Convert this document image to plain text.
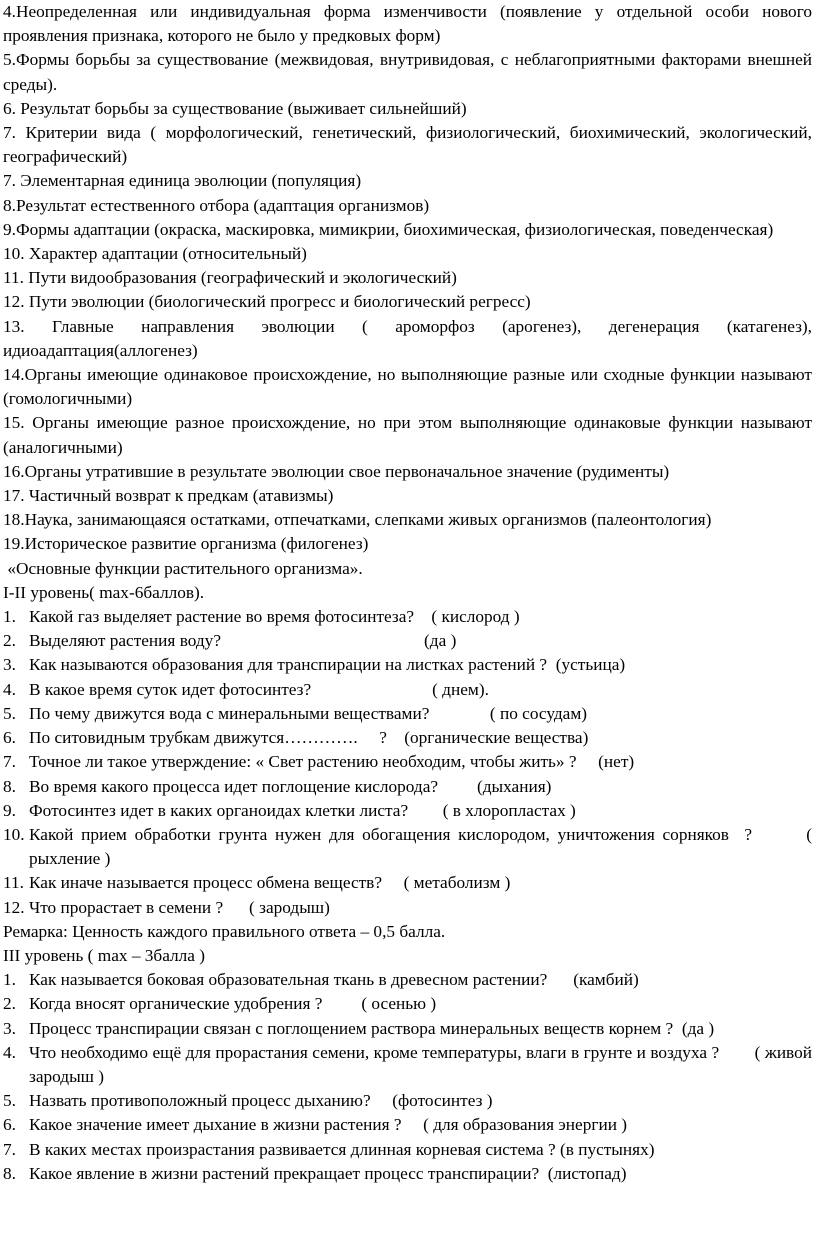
4.Неопределенная или индивидуальная форма изменчивости (появление у отдельной особи нового проявления признака, которого не было у предковых форм)

5.Формы борьбы за существование (межвидовая, внутривидовая, с неблагоприятными факторами внешней среды).

6. Результат борьбы за существование (выживает сильнейший)

7. Критерии вида ( морфологический, генетический, физиологический, биохимический, экологический, географический)

7. Элементарная единица эволюции (популяция)

8.Результат естественного отбора (адаптация организмов)

9.Формы адаптации (окраска, маскировка, мимикрии, биохимическая, физиологическая, поведенческая)

10. Характер адаптации (относительный)

11. Пути видообразования (географический и экологический)

12. Пути эволюции (биологический прогресс и биологический регресс)

13. Главные направления эволюции ( ароморфоз (арогенез), дегенерация (катагенез), идиоадаптация(аллогенез)

14.Органы имеющие одинаковое происхождение, но выполняющие разные или сходные функции называют (гомологичными)

15. Органы имеющие разное происхождение, но при этом выполняющие одинаковые функции называют (аналогичными)

16.Органы утратившие в результате эволюции свое первоначальное значение (рудименты)

17. Частичный возврат к предкам (атавизмы)

18.Наука, занимающаяся остатками, отпечатками, слепками живых организмов (палеонтология)

19.Историческое развитие организма (филогенез)

«Основные функции растительного организма».

I-II уровень( max-6баллов).

1. Какой газ выделяет растение во время фотосинтеза?    ( кислород )
2. Выделяют растения воду?                                               (да )
3. Как называются образования для транспирации на листках растений ?  (устьица)
4. В какое время суток идет фотосинтез?                            ( днем).
5. По чему движутся вода с минеральными веществами?              ( по сосудам)
6. По ситовидным трубкам движутся………….     ?    (органические вещества)
7. Точное ли такое утверждение: « Свет растению необходим, чтобы жить» ?     (нет)
8. Во время какого процесса идет поглощение кислорода?         (дыхания)
9. Фотосинтез идет в каких органоидах клетки листа?        ( в хлоропластах )
10. Какой прием обработки грунта нужен для обогащения кислородом, уничтожения сорняков  ?       ( рыхление )
11. Как иначе называется процесс обмена веществ?     ( метаболизм )
12. Что прорастает в семени ?      ( зародыш)

Ремарка: Ценность каждого правильного ответа – 0,5 балла.

III уровень ( max – 3балла )

1. Как называется боковая образовательная ткань в древесном растении?      (камбий)
2. Когда вносят органические удобрения ?         ( осенью )
3. Процесс транспирации связан с поглощением раствора минеральных веществ корнем ?  (да )
4. Что необходимо ещё для прорастания семени, кроме температуры, влаги в грунте и воздуха ?        ( живой зародыш )
5. Назвать противоположный процесс дыханию?     (фотосинтез )
6. Какое значение имеет дыхание в жизни растения ?     ( для образования энергии )
7. В каких местах произрастания развивается длинная корневая система ? (в пустынях)
8. Какое явление в жизни растений прекращает процесс транспирации?  (листопад)
